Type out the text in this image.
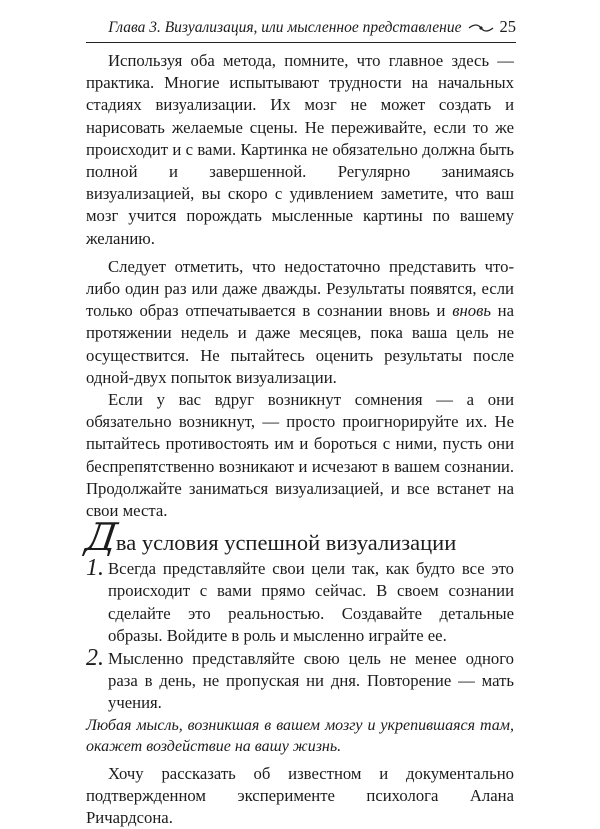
Глава 3. Визуализация, или мысленное представление 25

Используя оба метода, помните, что главное здесь — практика. Многие испытывают трудности на начальных стадиях визуализации. Их мозг не может создать и нарисовать желаемые сцены. Не переживайте, если то же происходит и с вами. Картинка не обязательно должна быть полной и завершенной. Регулярно занимаясь визуализацией, вы скоро с удивлением заметите, что ваш мозг учится порождать мысленные картины по вашему желанию.

Следует отметить, что недостаточно представить что-либо один раз или даже дважды. Результаты появятся, если только образ отпечатывается в сознании вновь и вновь на протяжении недель и даже месяцев, пока ваша цель не осуществится. Не пытайтесь оценить результаты после одной-двух попыток визуализации.

Если у вас вдруг возникнут сомнения — а они обязательно возникнут, — просто проигнорируйте их. Не пытайтесь противостоять им и бороться с ними, пусть они беспрепятственно возникают и исчезают в вашем сознании. Продолжайте заниматься визуализацией, и все встанет на свои места.

Два условия успешной визуализации

1. Всегда представляйте свои цели так, как будто все это происходит с вами прямо сейчас. В своем сознании сделайте это реальностью. Создавайте детальные образы. Войдите в роль и мысленно играйте ее.
2. Мысленно представляйте свою цель не менее одного раза в день, не пропуская ни дня. Повторение — мать учения.

Любая мысль, возникшая в вашем мозгу и укрепившаяся там, окажет воздействие на вашу жизнь.

Хочу рассказать об известном и документально подтвержденном эксперименте психолога Алана Ричардсона.
